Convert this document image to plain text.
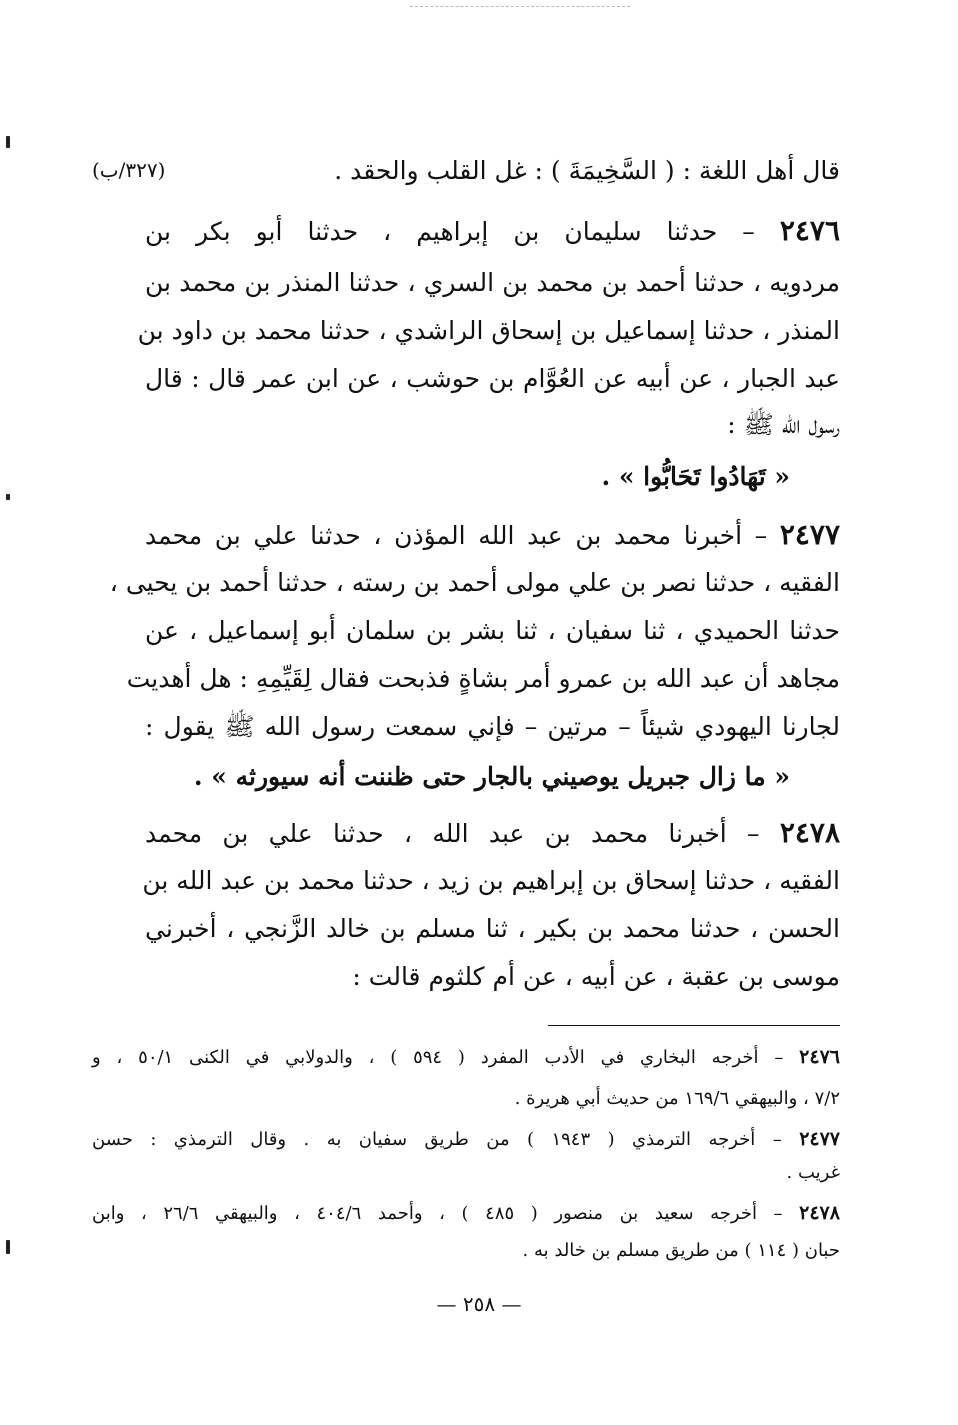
قال أهل اللغة : ( السَّخِيمَةَ ) : غل القلب والحقد .
٢٤٧٦ – حدثنا سليمان بن إبراهيم ، حدثنا أبو بكر بن
مردويه ، حدثنا أحمد بن محمد بن السري ، حدثنا المنذر بن محمد بن
المنذر ، حدثنا إسماعيل بن إسحاق الراشدي ، حدثنا محمد بن داود بن
عبد الجبار ، عن أبيه عن العُوَّام بن حوشب ، عن ابن عمر قال : قال
رسول الله ﷺ :
« تَهَادُوا تَحَابُّوا » .
٢٤٧٧ – أخبرنا محمد بن عبد الله المؤذن ، حدثنا علي بن محمد
الفقيه ، حدثنا نصر بن علي مولى أحمد بن رسته ، حدثنا أحمد بن يحيى ،
حدثنا الحميدي ، ثنا سفيان ، ثنا بشر بن سلمان أبو إسماعيل ، عن
مجاهد أن عبد الله بن عمرو أمر بشاةٍ فذبحت فقال لِقَيِّمِهِ : هل أهديت
لجارنا اليهودي شيئاً – مرتين – فإني سمعت رسول الله ﷺ يقول :
« ما زال جبريل يوصيني بالجار حتى ظننت أنه سيورثه » .
٢٤٧٨ – أخبرنا محمد بن عبد الله ، حدثنا علي بن محمد
الفقيه ، حدثنا إسحاق بن إبراهيم بن زيد ، حدثنا محمد بن عبد الله بن
الحسن ، حدثنا محمد بن بكير ، ثنا مسلم بن خالد الزَّنجي ، أخبرني
موسى بن عقبة ، عن أبيه ، عن أم كلثوم قالت :
(٣٢٧/ب)
٢٤٧٦ – أخرجه البخاري في الأدب المفرد ( ٥٩٤ ) ، والدولابي في الكنى ٥٠/١ ، و
٧/٢ ، والبيهقي ١٦٩/٦ من حديث أبي هريرة .
٢٤٧٧ – أخرجه الترمذي ( ١٩٤٣ ) من طريق سفيان به . وقال الترمذي : حسن
غريب .
٢٤٧٨ – أخرجه سعيد بن منصور ( ٤٨٥ ) ، وأحمد ٤٠٤/٦ ، والبيهقي ٢٦/٦ ، وابن
حبان ( ١١٤ ) من طريق مسلم بن خالد به .
— ٢٥٨ —
